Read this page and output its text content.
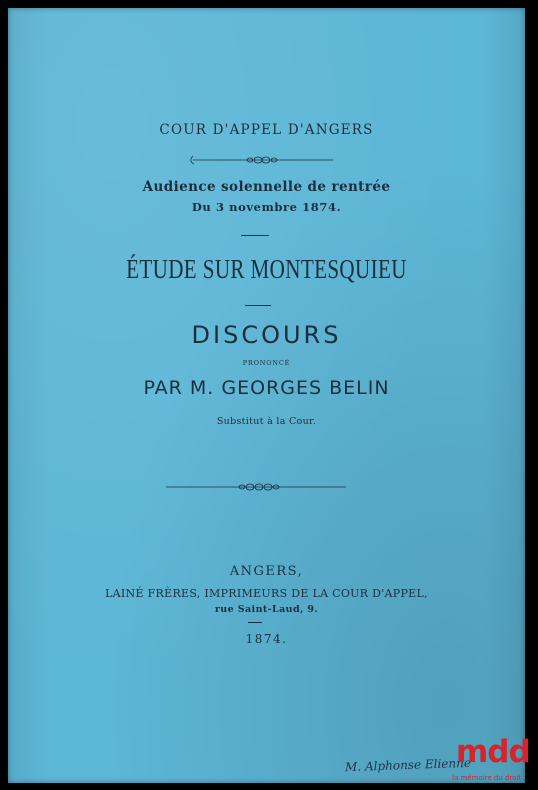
COUR D'APPEL D'ANGERS
Audience solennelle de rentrée
Du 3 novembre 1874.
ÉTUDE SUR MONTESQUIEU
DISCOURS
PRONONCÉ
PAR M. GEORGES BELIN
Substitut à la Cour.
ANGERS,
LAINÉ FRÈRES, IMPRIMEURS DE LA COUR D'APPEL,
rue Saint-Laud, 9.
1874.
M. Alphonse Elienne
mdd
la mémoire du droit
